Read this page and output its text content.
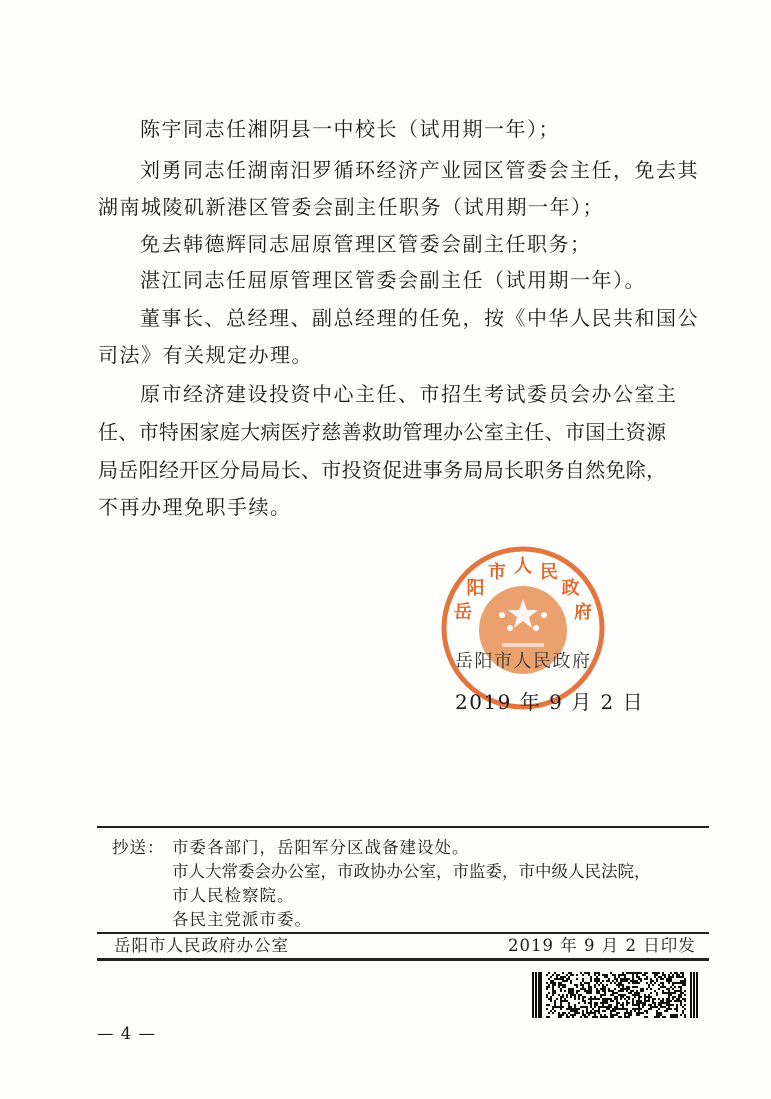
陈宇同志任湘阴县一中校长（试用期一年）；
刘勇同志任湖南汨罗循环经济产业园区管委会主任，免去其
湖南城陵矶新港区管委会副主任职务（试用期一年）；
免去韩德辉同志屈原管理区管委会副主任职务；
湛江同志任屈原管理区管委会副主任（试用期一年）。
董事长、总经理、副总经理的任免，按《中华人民共和国公
司法》有关规定办理。
原市经济建设投资中心主任、市招生考试委员会办公室主
任、市特困家庭大病医疗慈善救助管理办公室主任、市国土资源
局岳阳经开区分局局长、市投资促进事务局局长职务自然免除，
不再办理免职手续。
岳
阳
市 人 民
政
府
岳阳市人民政府
2019 年 9 月 2 日
抄送： 市委各部门，岳阳军分区战备建设处。
市人大常委会办公室，市政协办公室，市监委，市中级人民法院，
市人民检察院。
各民主党派市委。
岳阳市人民政府办公室	2019 年 9 月 2 日印发
— 4 —
